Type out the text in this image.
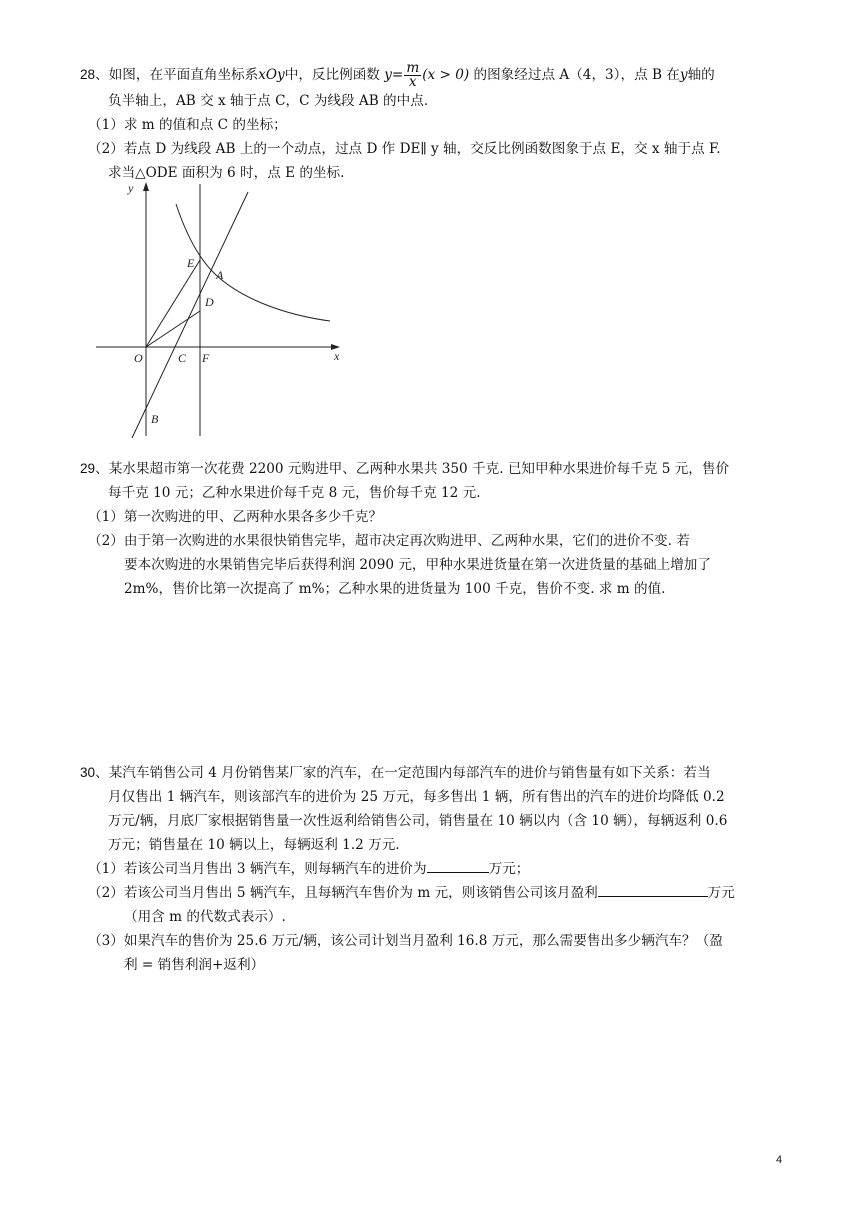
28、如图，在平面直角坐标系xOy中，反比例函数 $y= \frac{m}{x} (x > 0)$ 的图象经过点 A（4，3），点 B 在y轴的
负半轴上，AB 交 x 轴于点 C，C 为线段 AB 的中点.
（1）求 m 的值和点 C 的坐标；
（2）若点 D 为线段 AB 上的一个动点，过点 D 作 DE∥ y 轴，交反比例函数图象于点 E，交 x 轴于点 F.
求当△ODE 面积为 6 时，点 E 的坐标.
y
x
O	C F
E
A
D
B
29、某水果超市第一次花费 2200 元购进甲、乙两种水果共 350 千克. 已知甲种水果进价每千克 5 元，售价
每千克 10 元；乙种水果进价每千克 8 元，售价每千克 12 元.
（1）第一次购进的甲、乙两种水果各多少千克？
（2）由于第一次购进的水果很快销售完毕，超市决定再次购进甲、乙两种水果，它们的进价不变. 若
要本次购进的水果销售完毕后获得利润 2090 元，甲种水果进货量在第一次进货量的基础上增加了
2m%，售价比第一次提高了 m%；乙种水果的进货量为 100 千克，售价不变. 求 m 的值.
30、某汽车销售公司 4 月份销售某厂家的汽车，在一定范围内每部汽车的进价与销售量有如下关系：若当
月仅售出 1 辆汽车，则该部汽车的进价为 25 万元，每多售出 1 辆，所有售出的汽车的进价均降低 0.2
万元/辆，月底厂家根据销售量一次性返利给销售公司，销售量在 10 辆以内（含 10 辆），每辆返利 0.6
万元；销售量在 10 辆以上，每辆返利 1.2 万元.
（1）若该公司当月售出 3 辆汽车，则每辆汽车的进价为	万元；
（2）若该公司当月售出 5 辆汽车，且每辆汽车售价为 m 元，则该销售公司该月盈利	万元
（用含 m 的代数式表示）.
（3）如果汽车的售价为 25.6 万元/辆，该公司计划当月盈利 16.8 万元，那么需要售出多少辆汽车？（盈
利 = 销售利润+返利）
4
